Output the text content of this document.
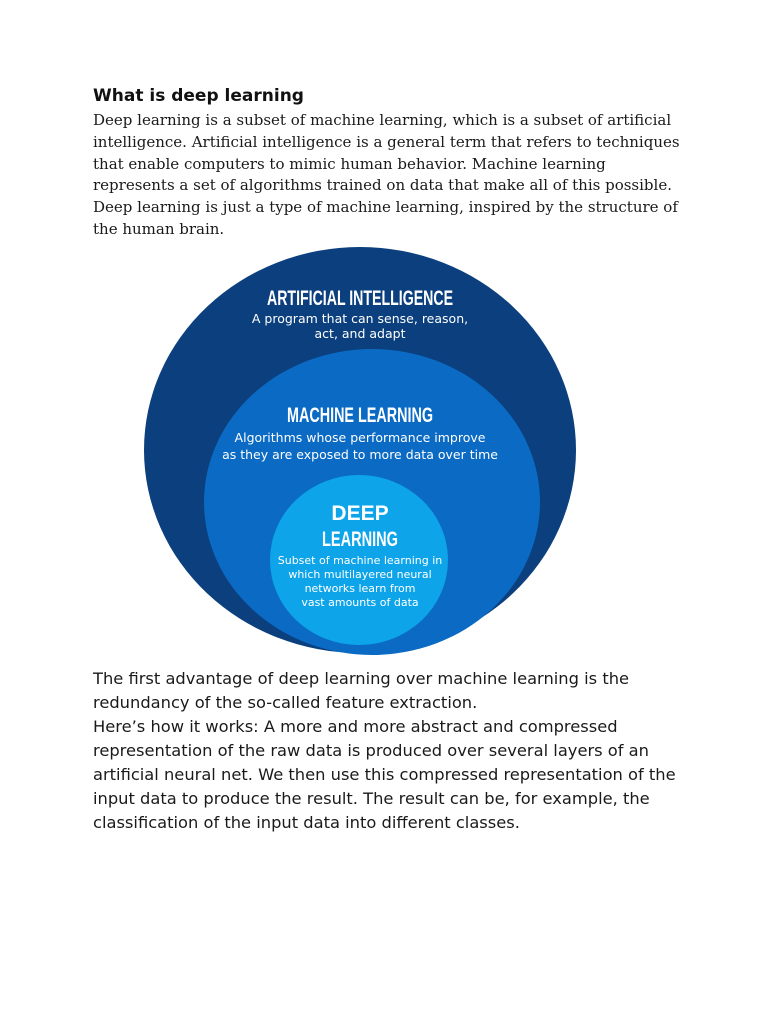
What is deep learning

Deep learning is a subset of machine learning, which is a subset of artificial intelligence. Artificial intelligence is a general term that refers to techniques that enable computers to mimic human behavior. Machine learning represents a set of algorithms trained on data that make all of this possible. Deep learning is just a type of machine learning, inspired by the structure of the human brain.

ARTIFICIAL INTELLIGENCE
A program that can sense, reason,
act, and adapt
MACHINE LEARNING
Algorithms whose performance improve
as they are exposed to more data over time
DEEP
LEARNING
Subset of machine learning in
which multilayered neural
networks learn from
vast amounts of data

The first advantage of deep learning over machine learning is the redundancy of the so-called feature extraction.
Here’s how it works: A more and more abstract and compressed representation of the raw data is produced over several layers of an artificial neural net. We then use this compressed representation of the input data to produce the result. The result can be, for example, the classification of the input data into different classes.
